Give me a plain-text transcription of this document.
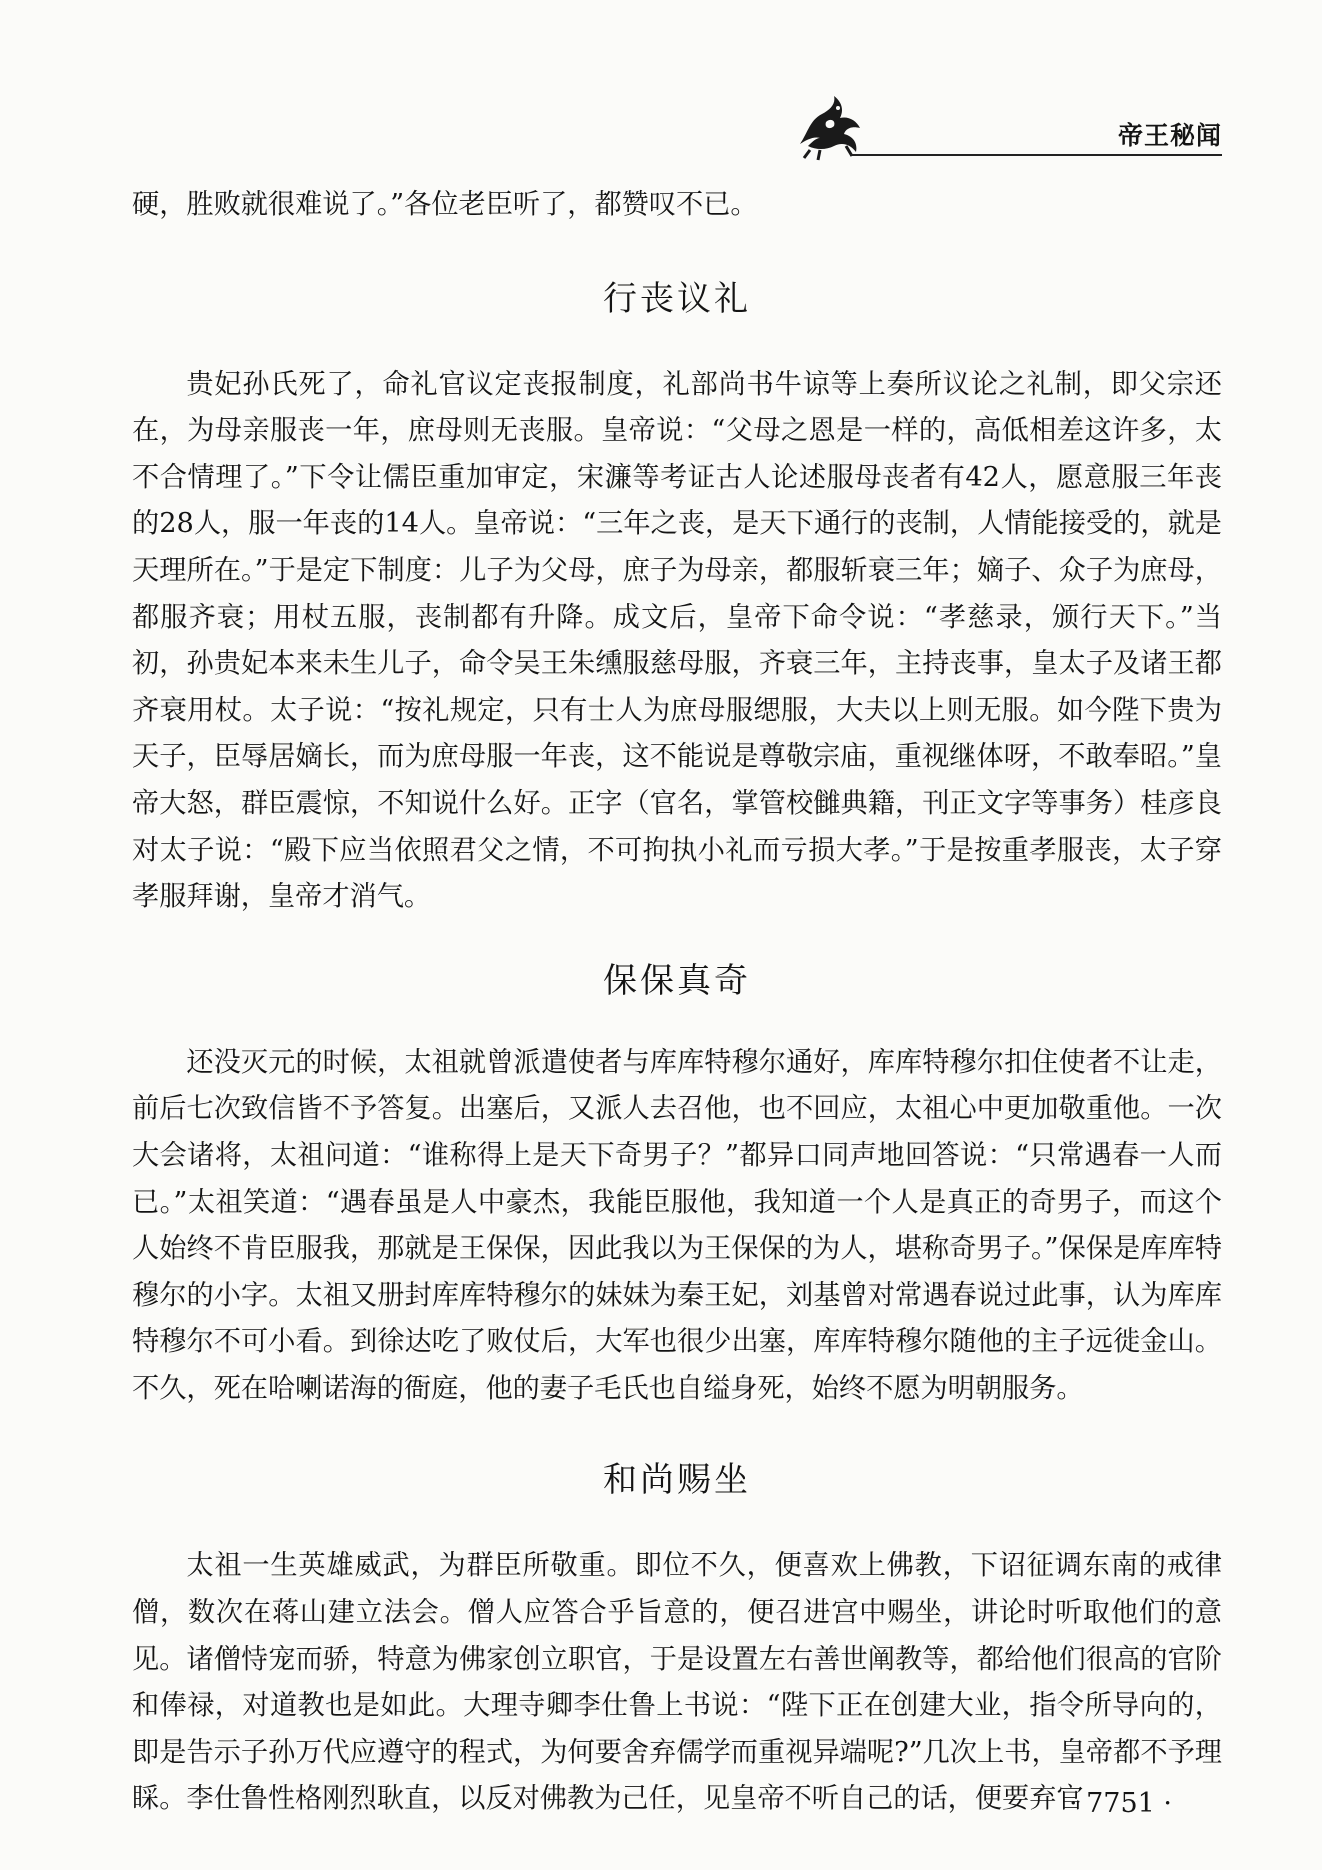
帝王秘闻

硬，胜败就很难说了。”各位老臣听了，都赞叹不已。

行丧议礼

贵妃孙氏死了，命礼官议定丧报制度，礼部尚书牛谅等上奏所议论之礼制，即父宗还在，为母亲服丧一年，庶母则无丧服。皇帝说：“父母之恩是一样的，高低相差这许多，太不合情理了。”下令让儒臣重加审定，宋濂等考证古人论述服母丧者有42人，愿意服三年丧的28人，服一年丧的14人。皇帝说：“三年之丧，是天下通行的丧制，人情能接受的，就是天理所在。”于是定下制度：儿子为父母，庶子为母亲，都服斩衰三年；嫡子、众子为庶母，都服齐衰；用杖五服，丧制都有升降。成文后，皇帝下命令说：“孝慈录，颁行天下。”当初，孙贵妃本来未生儿子，命令吴王朱𫄸服慈母服，齐衰三年，主持丧事，皇太子及诸王都齐衰用杖。太子说：“按礼规定，只有士人为庶母服缌服，大夫以上则无服。如今陛下贵为天子，臣辱居嫡长，而为庶母服一年丧，这不能说是尊敬宗庙，重视继体呀，不敢奉昭。”皇帝大怒，群臣震惊，不知说什么好。正字（官名，掌管校雠典籍，刊正文字等事务）桂彦良对太子说：“殿下应当依照君父之情，不可拘执小礼而亏损大孝。”于是按重孝服丧，太子穿孝服拜谢，皇帝才消气。

保保真奇

还没灭元的时候，太祖就曾派遣使者与库库特穆尔通好，库库特穆尔扣住使者不让走，前后七次致信皆不予答复。出塞后，又派人去召他，也不回应，太祖心中更加敬重他。一次大会诸将，太祖问道：“谁称得上是天下奇男子？”都异口同声地回答说：“只常遇春一人而已。”太祖笑道：“遇春虽是人中豪杰，我能臣服他，我知道一个人是真正的奇男子，而这个人始终不肯臣服我，那就是王保保，因此我以为王保保的为人，堪称奇男子。”保保是库库特穆尔的小字。太祖又册封库库特穆尔的妹妹为秦王妃，刘基曾对常遇春说过此事，认为库库特穆尔不可小看。到徐达吃了败仗后，大军也很少出塞，库库特穆尔随他的主子远徙金山。不久，死在哈喇诺海的衙庭，他的妻子毛氏也自缢身死，始终不愿为明朝服务。

和尚赐坐

太祖一生英雄威武，为群臣所敬重。即位不久，便喜欢上佛教，下诏征调东南的戒律僧，数次在蒋山建立法会。僧人应答合乎旨意的，便召进宫中赐坐，讲论时听取他们的意见。诸僧恃宠而骄，特意为佛家创立职官，于是设置左右善世阐教等，都给他们很高的官阶和俸禄，对道教也是如此。大理寺卿李仕鲁上书说：“陛下正在创建大业，指令所导向的，即是告示子孙万代应遵守的程式，为何要舍弃儒学而重视异端呢?”几次上书，皇帝都不予理睬。李仕鲁性格刚烈耿直，以反对佛教为己任，见皇帝不听自己的话，便要弃官

· 7751 ·
